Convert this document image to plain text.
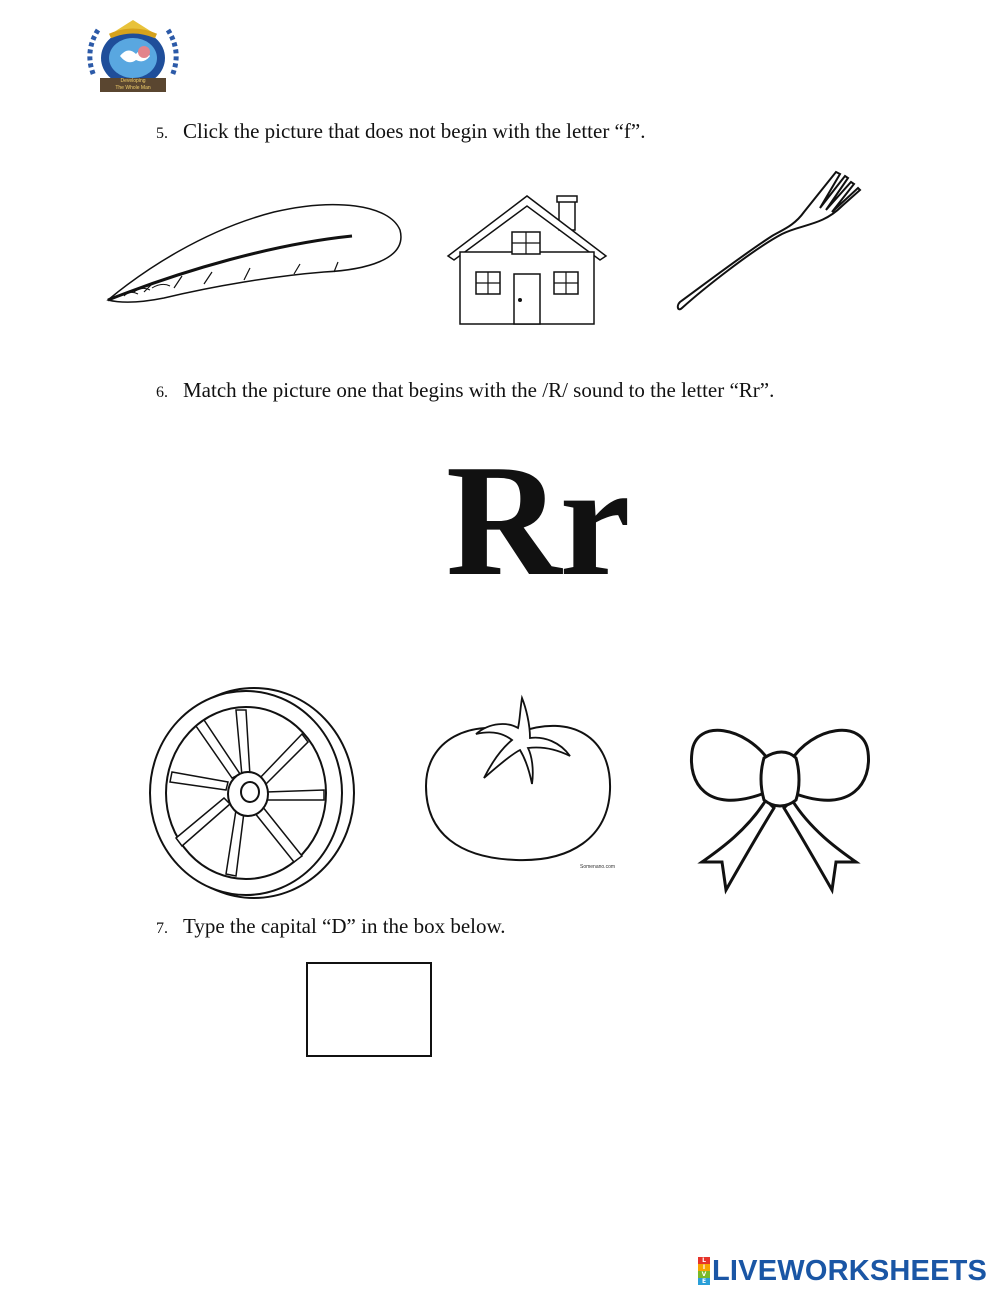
Developing
The Whole Man
5. Click the picture that does not begin with the letter “f”.
6. Match the picture one that begins with the /R/ sound to the letter “Rr”.
Rr
Somenano.com
7. Type the capital “D” in the box below.
L
I
V
E LIVEWORKSHEETS
